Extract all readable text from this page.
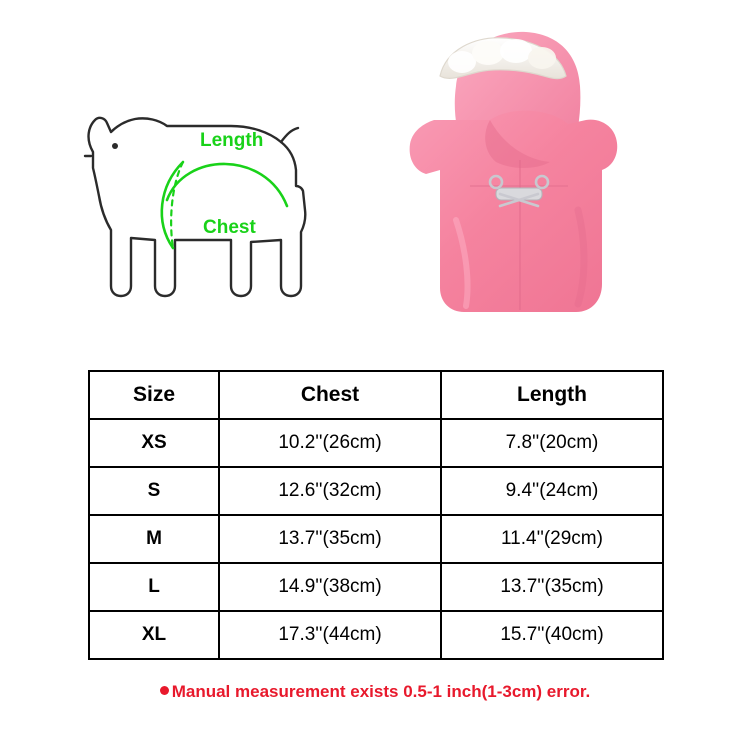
Length
Chest
Size	Chest	Length
XS	10.2''(26cm)	7.8''(20cm)
S	12.6''(32cm)	9.4''(24cm)
M	13.7''(35cm)	11.4''(29cm)
L	14.9''(38cm)	13.7''(35cm)
XL	17.3''(44cm)	15.7''(40cm)
Manual measurement exists 0.5-1 inch(1-3cm) error.
